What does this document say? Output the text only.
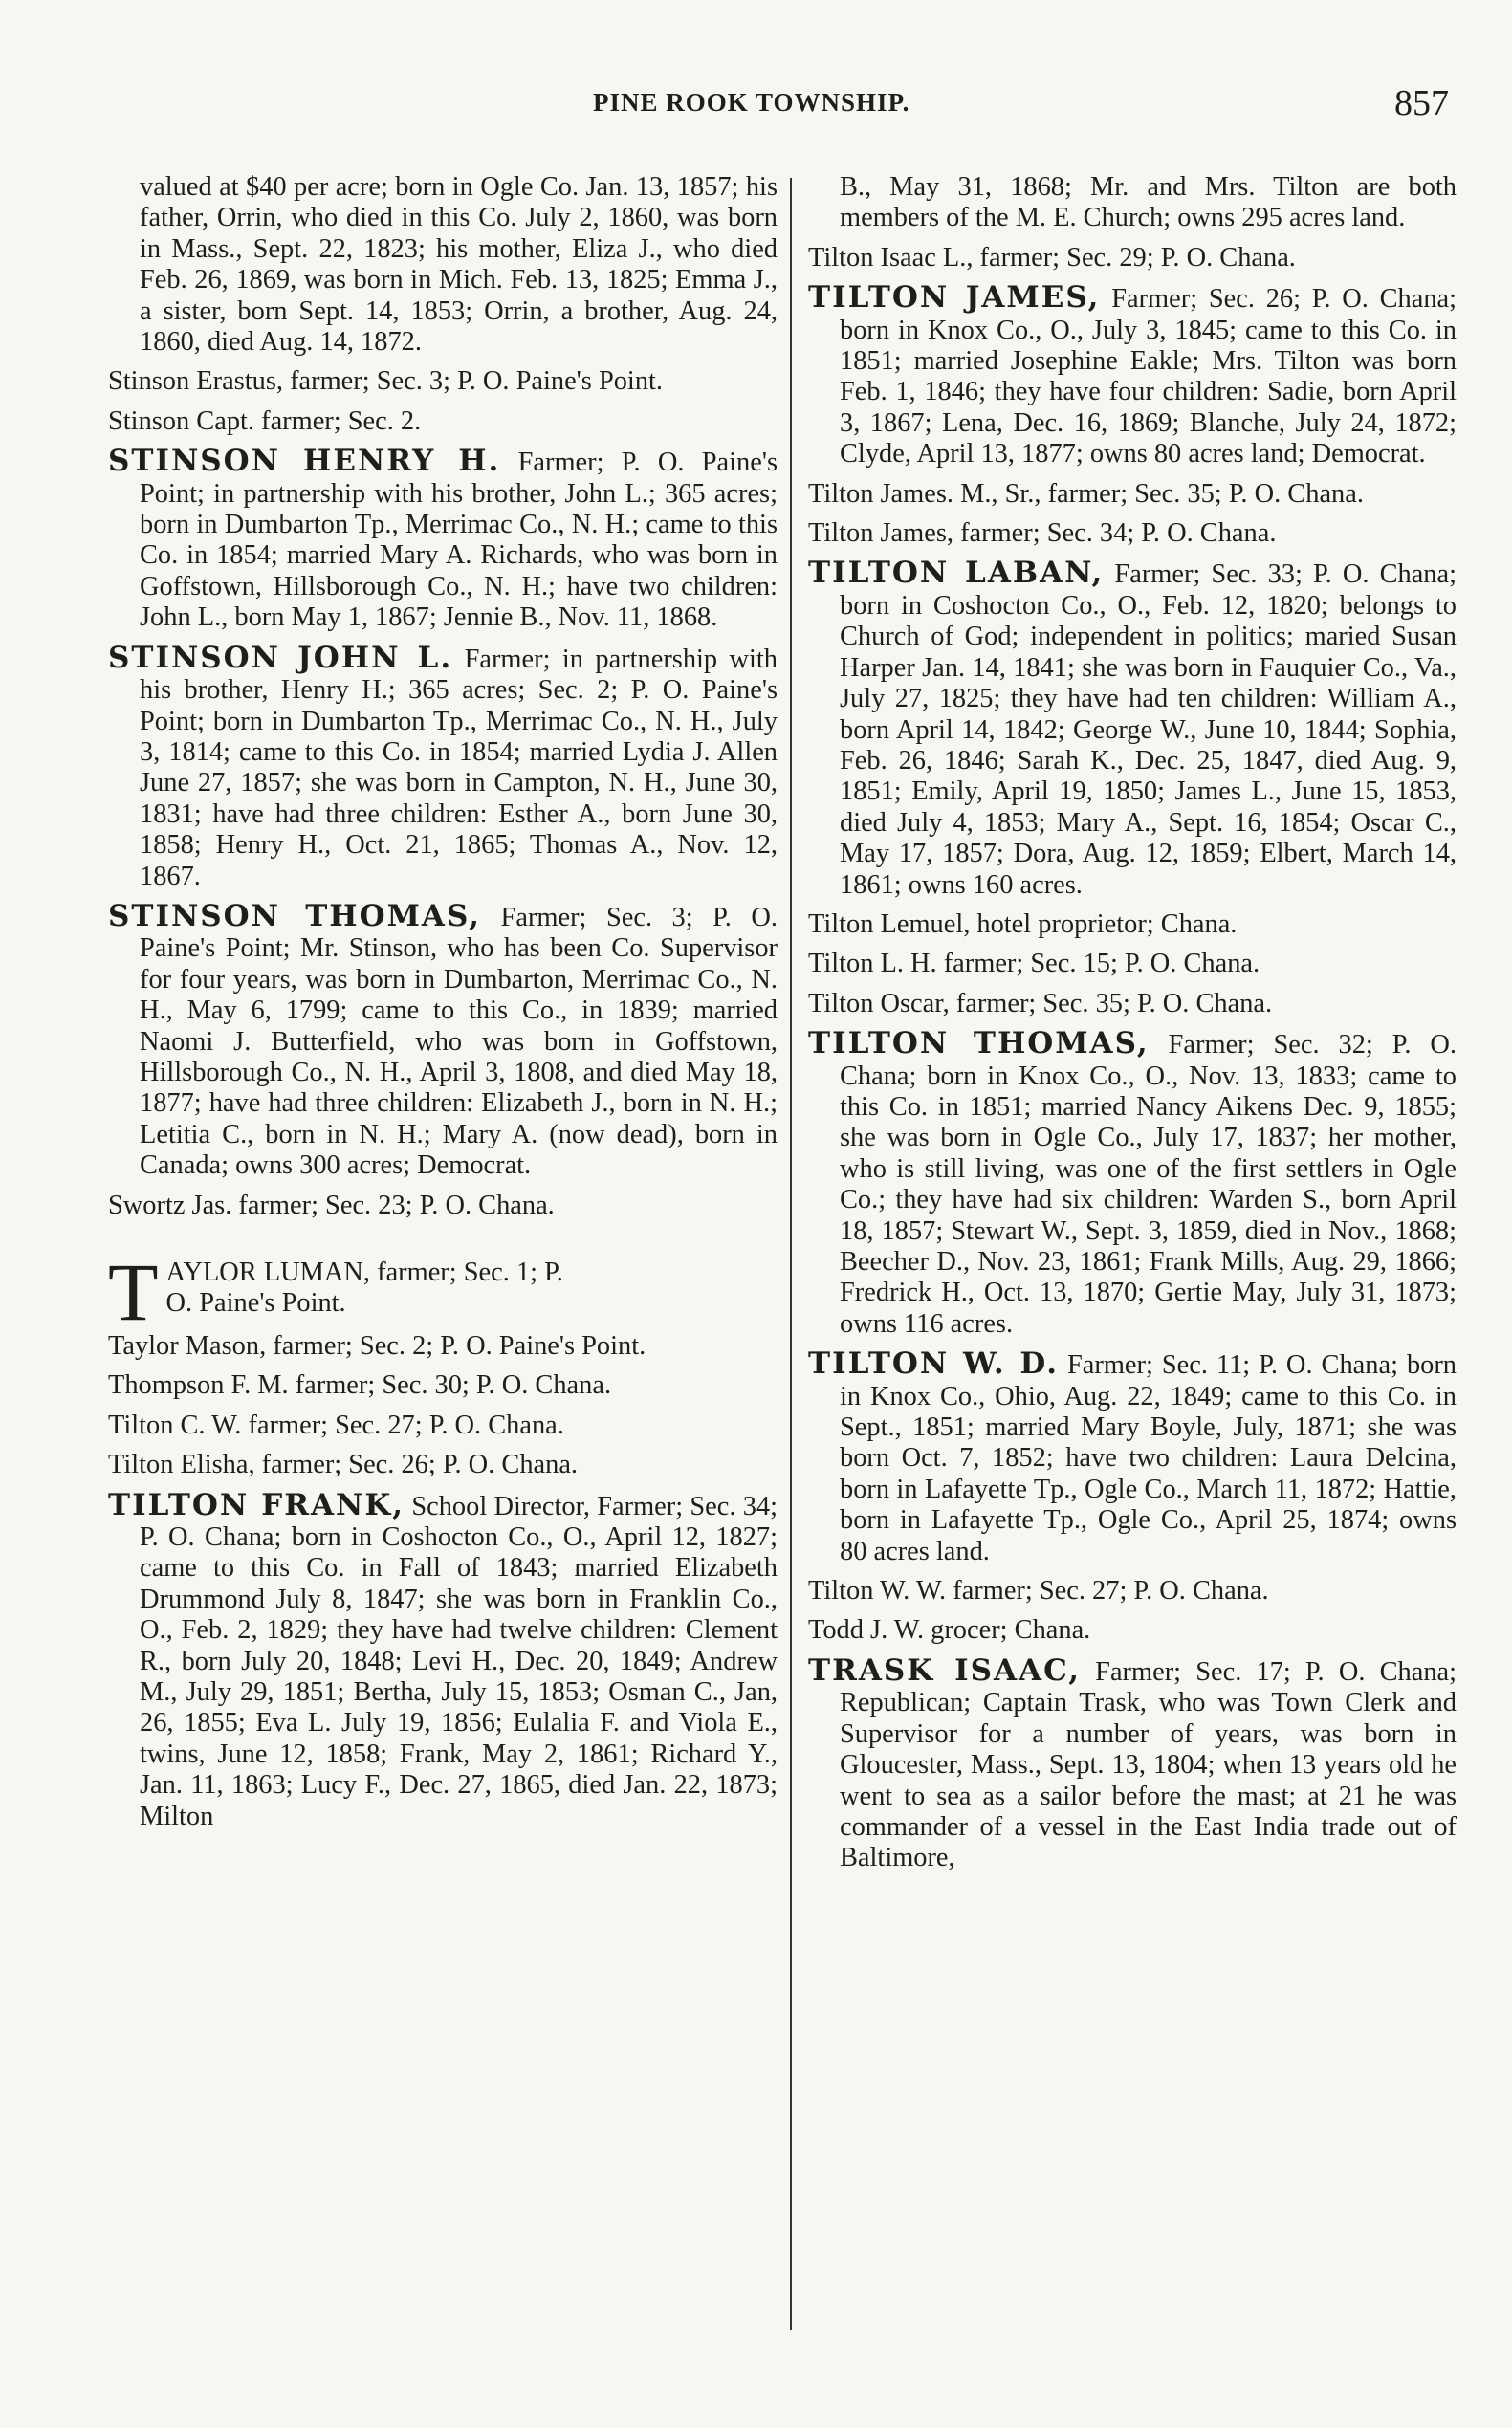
PINE ROOK TOWNSHIP.	857

valued at $40 per acre; born in Ogle Co. Jan. 13, 1857; his father, Orrin, who died in this Co. July 2, 1860, was born in Mass., Sept. 22, 1823; his mother, Eliza J., who died Feb. 26, 1869, was born in Mich. Feb. 13, 1825; Emma J., a sister, born Sept. 14, 1853; Orrin, a brother, Aug. 24, 1860, died Aug. 14, 1872.

Stinson Erastus, farmer; Sec. 3; P. O. Paine's Point.

Stinson Capt. farmer; Sec. 2.

STINSON HENRY H. Farmer; P. O. Paine's Point; in partnership with his brother, John L.; 365 acres; born in Dumbarton Tp., Merrimac Co., N. H.; came to this Co. in 1854; married Mary A. Richards, who was born in Goffstown, Hillsborough Co., N. H.; have two children: John L., born May 1, 1867; Jennie B., Nov. 11, 1868.

STINSON JOHN L. Farmer; in partnership with his brother, Henry H.; 365 acres; Sec. 2; P. O. Paine's Point; born in Dumbarton Tp., Merrimac Co., N. H., July 3, 1814; came to this Co. in 1854; married Lydia J. Allen June 27, 1857; she was born in Campton, N. H., June 30, 1831; have had three children: Esther A., born June 30, 1858; Henry H., Oct. 21, 1865; Thomas A., Nov. 12, 1867.

STINSON THOMAS, Farmer; Sec. 3; P. O. Paine's Point; Mr. Stinson, who has been Co. Supervisor for four years, was born in Dumbarton, Merrimac Co., N. H., May 6, 1799; came to this Co., in 1839; married Naomi J. Butterfield, who was born in Goffstown, Hillsborough Co., N. H., April 3, 1808, and died May 18, 1877; have had three children: Elizabeth J., born in N. H.; Letitia C., born in N. H.; Mary A. (now dead), born in Canada; owns 300 acres; Democrat.

Swortz Jas. farmer; Sec. 23; P. O. Chana.

T AYLOR LUMAN, farmer; Sec. 1; P.
O. Paine's Point.

Taylor Mason, farmer; Sec. 2; P. O. Paine's Point.

Thompson F. M. farmer; Sec. 30; P. O. Chana.

Tilton C. W. farmer; Sec. 27; P. O. Chana.

Tilton Elisha, farmer; Sec. 26; P. O. Chana.

TILTON FRANK, School Director, Farmer; Sec. 34; P. O. Chana; born in Coshocton Co., O., April 12, 1827; came to this Co. in Fall of 1843; married Elizabeth Drummond July 8, 1847; she was born in Franklin Co., O., Feb. 2, 1829; they have had twelve children: Clement R., born July 20, 1848; Levi H., Dec. 20, 1849; Andrew M., July 29, 1851; Bertha, July 15, 1853; Osman C., Jan, 26, 1855; Eva L. July 19, 1856; Eulalia F. and Viola E., twins, June 12, 1858; Frank, May 2, 1861; Richard Y., Jan. 11, 1863; Lucy F., Dec. 27, 1865, died Jan. 22, 1873; Milton

B., May 31, 1868; Mr. and Mrs. Tilton are both members of the M. E. Church; owns 295 acres land.

Tilton Isaac L., farmer; Sec. 29; P. O. Chana.

TILTON JAMES, Farmer; Sec. 26; P. O. Chana; born in Knox Co., O., July 3, 1845; came to this Co. in 1851; married Josephine Eakle; Mrs. Tilton was born Feb. 1, 1846; they have four children: Sadie, born April 3, 1867; Lena, Dec. 16, 1869; Blanche, July 24, 1872; Clyde, April 13, 1877; owns 80 acres land; Democrat.

Tilton James. M., Sr., farmer; Sec. 35; P. O. Chana.

Tilton James, farmer; Sec. 34; P. O. Chana.

TILTON LABAN, Farmer; Sec. 33; P. O. Chana; born in Coshocton Co., O., Feb. 12, 1820; belongs to Church of God; independent in politics; maried Susan Harper Jan. 14, 1841; she was born in Fauquier Co., Va., July 27, 1825; they have had ten children: William A., born April 14, 1842; George W., June 10, 1844; Sophia, Feb. 26, 1846; Sarah K., Dec. 25, 1847, died Aug. 9, 1851; Emily, April 19, 1850; James L., June 15, 1853, died July 4, 1853; Mary A., Sept. 16, 1854; Oscar C., May 17, 1857; Dora, Aug. 12, 1859; Elbert, March 14, 1861; owns 160 acres.

Tilton Lemuel, hotel proprietor; Chana.

Tilton L. H. farmer; Sec. 15; P. O. Chana.

Tilton Oscar, farmer; Sec. 35; P. O. Chana.

TILTON THOMAS, Farmer; Sec. 32; P. O. Chana; born in Knox Co., O., Nov. 13, 1833; came to this Co. in 1851; married Nancy Aikens Dec. 9, 1855; she was born in Ogle Co., July 17, 1837; her mother, who is still living, was one of the first settlers in Ogle Co.; they have had six children: Warden S., born April 18, 1857; Stewart W., Sept. 3, 1859, died in Nov., 1868; Beecher D., Nov. 23, 1861; Frank Mills, Aug. 29, 1866; Fredrick H., Oct. 13, 1870; Gertie May, July 31, 1873; owns 116 acres.

TILTON W. D. Farmer; Sec. 11; P. O. Chana; born in Knox Co., Ohio, Aug. 22, 1849; came to this Co. in Sept., 1851; married Mary Boyle, July, 1871; she was born Oct. 7, 1852; have two children: Laura Delcina, born in Lafayette Tp., Ogle Co., March 11, 1872; Hattie, born in Lafayette Tp., Ogle Co., April 25, 1874; owns 80 acres land.

Tilton W. W. farmer; Sec. 27; P. O. Chana.

Todd J. W. grocer; Chana.

TRASK ISAAC, Farmer; Sec. 17; P. O. Chana; Republican; Captain Trask, who was Town Clerk and Supervisor for a number of years, was born in Gloucester, Mass., Sept. 13, 1804; when 13 years old he went to sea as a sailor before the mast; at 21 he was commander of a vessel in the East India trade out of Baltimore,
